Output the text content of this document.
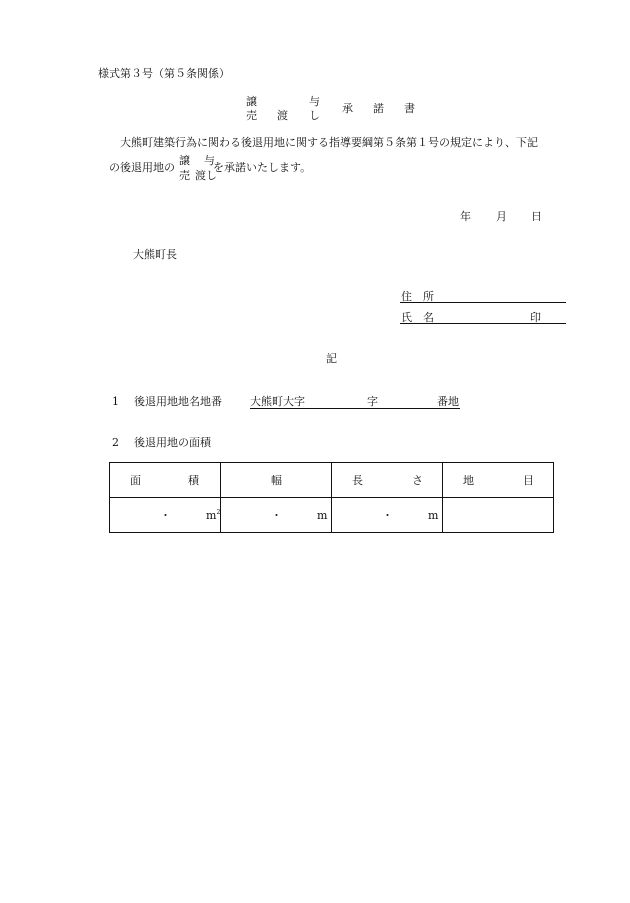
様式第３号（第５条関係）
譲	与
売 渡 し
承 諾 書
大熊町建築行為に関わる後退用地に関する指導要綱第５条第１号の規定により、下記
の後退用地の
譲 与
売 渡し
を承諾いたします。
年 月 日
大熊町長
住　所
氏　名	印
記
1 後退用地地名地番	大熊町大字	字	番地
2 後退用地の面積
面 積	幅	長 さ	地 目

・ $m^2$	・ m	・ m	
